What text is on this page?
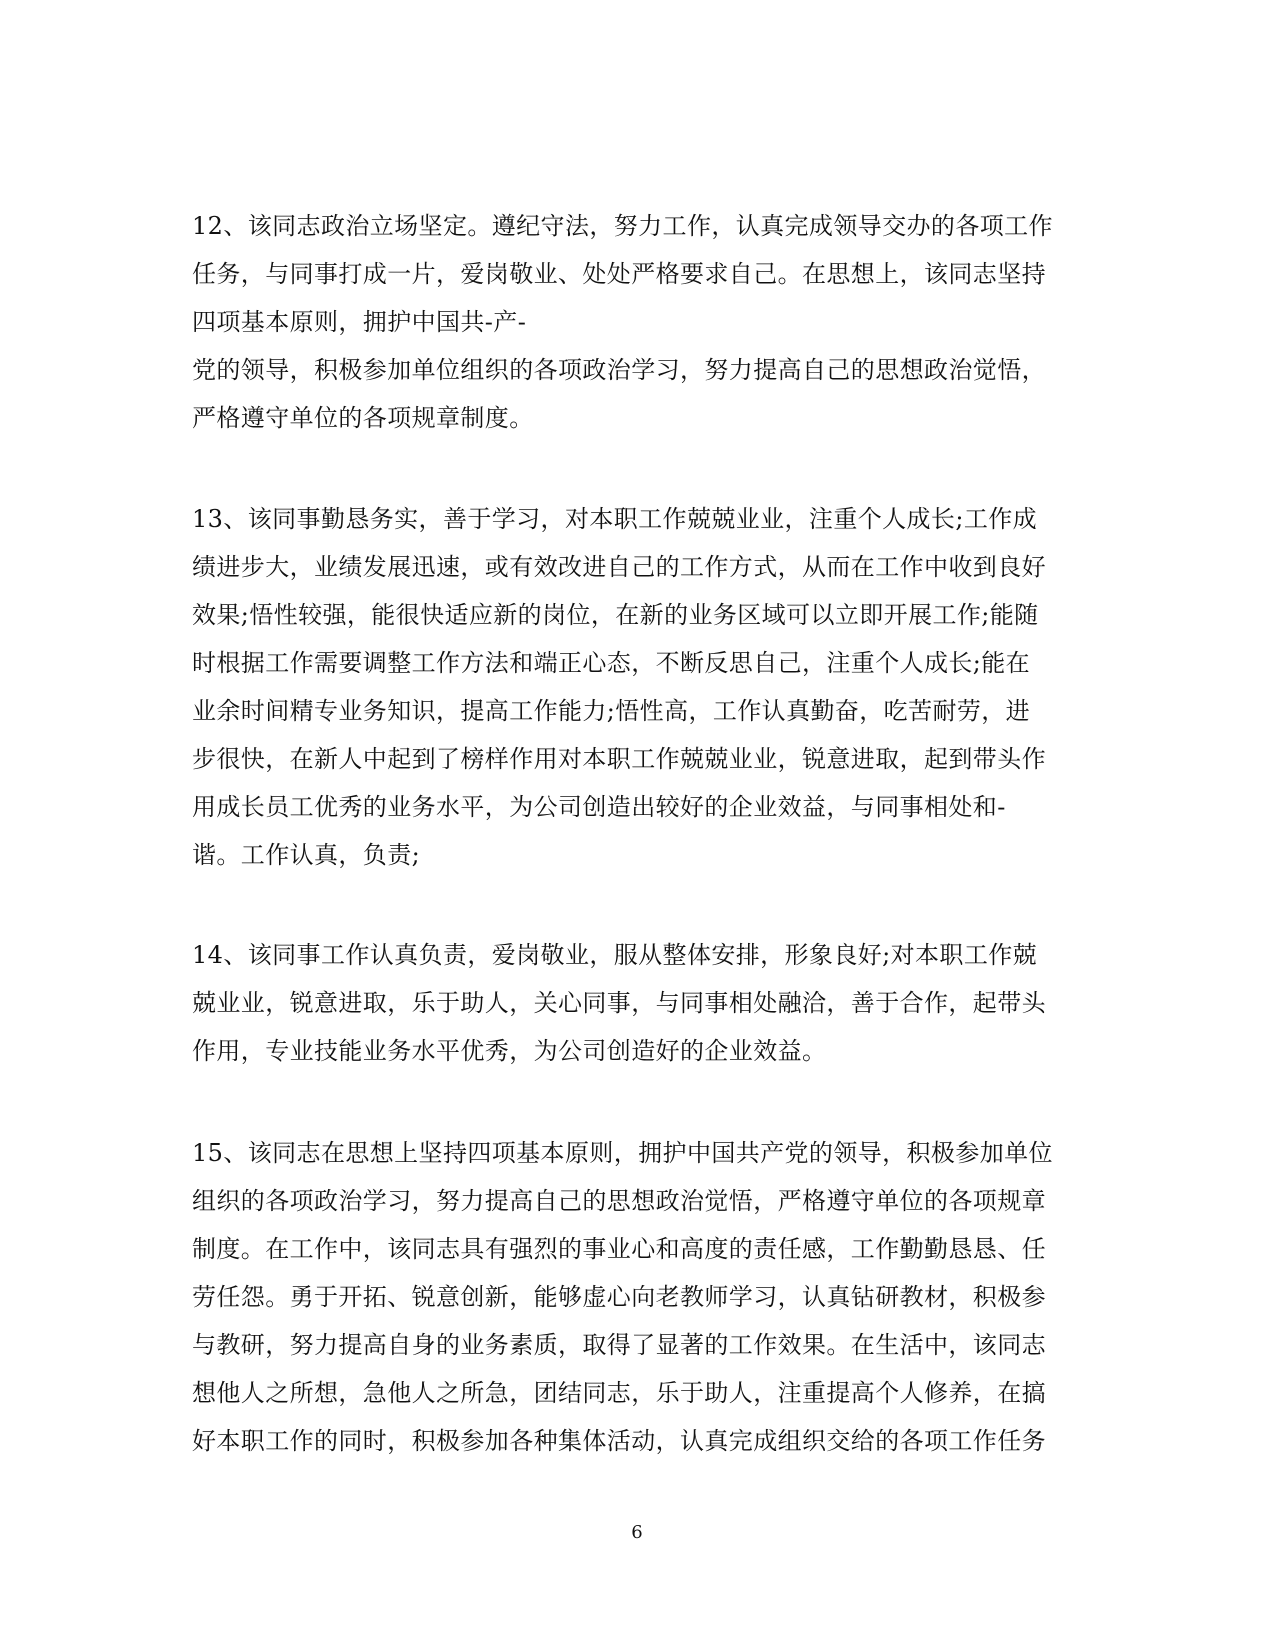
12、该同志政治立场坚定。遵纪守法，努力工作，认真完成领导交办的各项工作
任务，与同事打成一片，爱岗敬业、处处严格要求自己。在思想上，该同志坚持
四项基本原则，拥护中国共-产-
党的领导，积极参加单位组织的各项政治学习，努力提高自己的思想政治觉悟，
严格遵守单位的各项规章制度。
13、该同事勤恳务实，善于学习，对本职工作兢兢业业，注重个人成长;工作成
绩进步大，业绩发展迅速，或有效改进自己的工作方式，从而在工作中收到良好
效果;悟性较强，能很快适应新的岗位，在新的业务区域可以立即开展工作;能随
时根据工作需要调整工作方法和端正心态，不断反思自己，注重个人成长;能在
业余时间精专业务知识，提高工作能力;悟性高，工作认真勤奋，吃苦耐劳，进
步很快，在新人中起到了榜样作用对本职工作兢兢业业，锐意进取，起到带头作
用成长员工优秀的业务水平，为公司创造出较好的企业效益，与同事相处和-
谐。工作认真，负责;
14、该同事工作认真负责，爱岗敬业，服从整体安排，形象良好;对本职工作兢
兢业业，锐意进取，乐于助人，关心同事，与同事相处融洽，善于合作，起带头
作用，专业技能业务水平优秀，为公司创造好的企业效益。
15、该同志在思想上坚持四项基本原则，拥护中国共产党的领导，积极参加单位
组织的各项政治学习，努力提高自己的思想政治觉悟，严格遵守单位的各项规章
制度。在工作中，该同志具有强烈的事业心和高度的责任感，工作勤勤恳恳、任
劳任怨。勇于开拓、锐意创新，能够虚心向老教师学习，认真钻研教材，积极参
与教研，努力提高自身的业务素质，取得了显著的工作效果。在生活中，该同志
想他人之所想，急他人之所急，团结同志，乐于助人，注重提高个人修养，在搞
好本职工作的同时，积极参加各种集体活动，认真完成组织交给的各项工作任务
6
